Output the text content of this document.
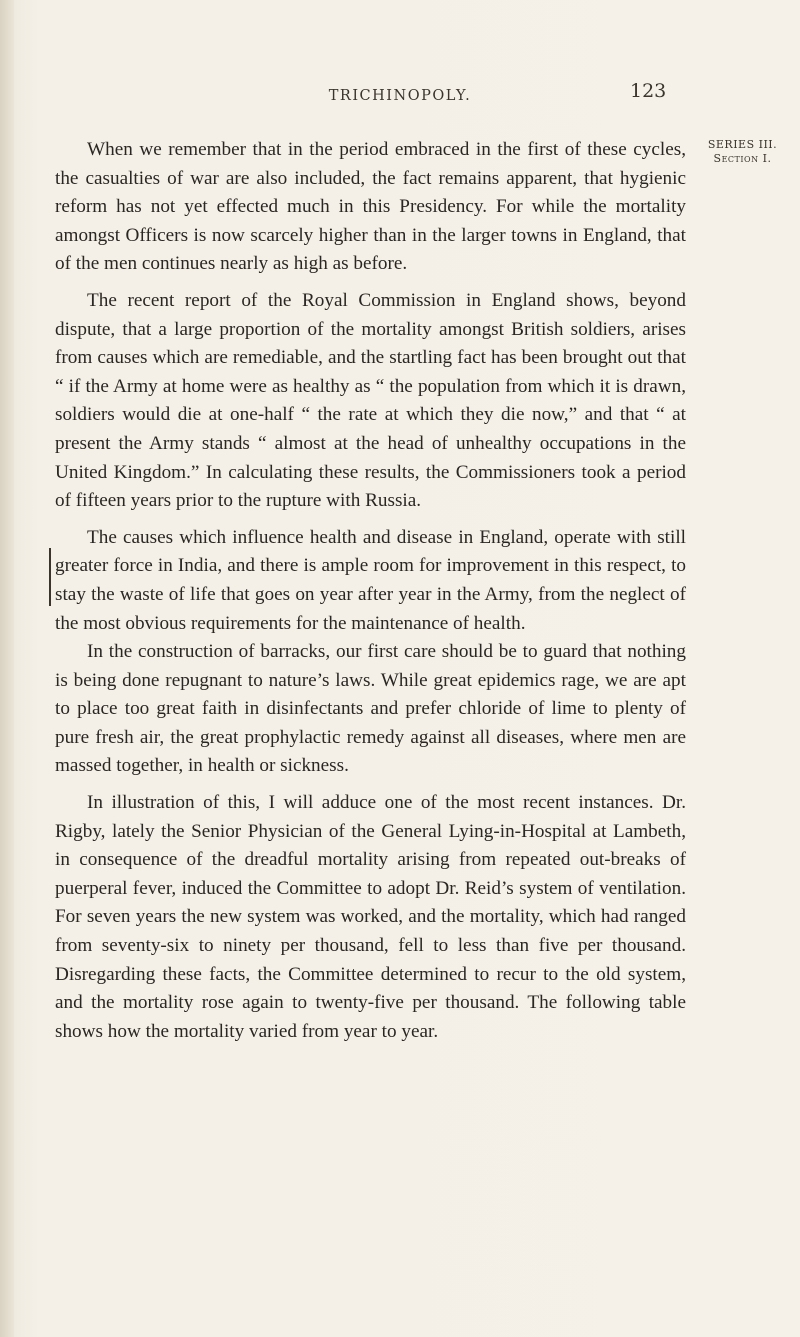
TRICHINOPOLY.	123
SERIES III.
Section I.

When we remember that in the period embraced in the first of these cycles, the casualties of war are also included, the fact remains apparent, that hygienic reform has not yet effected much in this Presidency. For while the mortality amongst Officers is now scarcely higher than in the larger towns in England, that of the men continues nearly as high as before.

The recent report of the Royal Commission in England shows, beyond dispute, that a large proportion of the mortality amongst British soldiers, arises from causes which are remediable, and the startling fact has been brought out that “ if the Army at home were as healthy as “ the population from which it is drawn, soldiers would die at one-half “ the rate at which they die now,” and that “ at present the Army stands “ almost at the head of unhealthy occupations in the United Kingdom.” In calculating these results, the Commissioners took a period of fifteen years prior to the rupture with Russia.

The causes which influence health and disease in England, operate with still greater force in India, and there is ample room for improvement in this respect, to stay the waste of life that goes on year after year in the Army, from the neglect of the most obvious requirements for the maintenance of health.

In the construction of barracks, our first care should be to guard that nothing is being done repugnant to nature’s laws. While great epidemics rage, we are apt to place too great faith in disinfectants and prefer chloride of lime to plenty of pure fresh air, the great prophylactic remedy against all diseases, where men are massed together, in health or sickness.

In illustration of this, I will adduce one of the most recent instances. Dr. Rigby, lately the Senior Physician of the General Lying-in-Hospital at Lambeth, in consequence of the dreadful mortality arising from repeated out-breaks of puerperal fever, induced the Committee to adopt Dr. Reid’s system of ventilation. For seven years the new system was worked, and the mortality, which had ranged from seventy-six to ninety per thousand, fell to less than five per thousand. Disregarding these facts, the Committee determined to recur to the old system, and the mortality rose again to twenty-five per thousand. The following table shows how the mortality varied from year to year.
